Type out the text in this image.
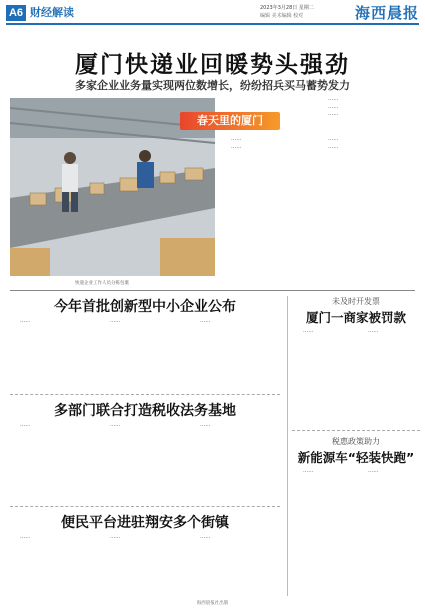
A6 财经解读	2023年3月28日 星期二
编辑 美术编辑 校对	海西晨报
厦门快递业回暖势头强劲
多家企业业务量实现两位数增长，纷纷招兵买马蓄势发力
春天里的厦门
快递企业工作人员分拣包裹

……

……

……

……

……

……

……

今年首批创新型中小企业公布

……	……	……

多部门联合打造税收法务基地

……	……	……

便民平台进驻翔安多个街镇

……	……	……

未及时开发票
厦门一商家被罚款

……	……

税惠政策助力
新能源车“轻装快跑”

……	……

海西晨报社出版
